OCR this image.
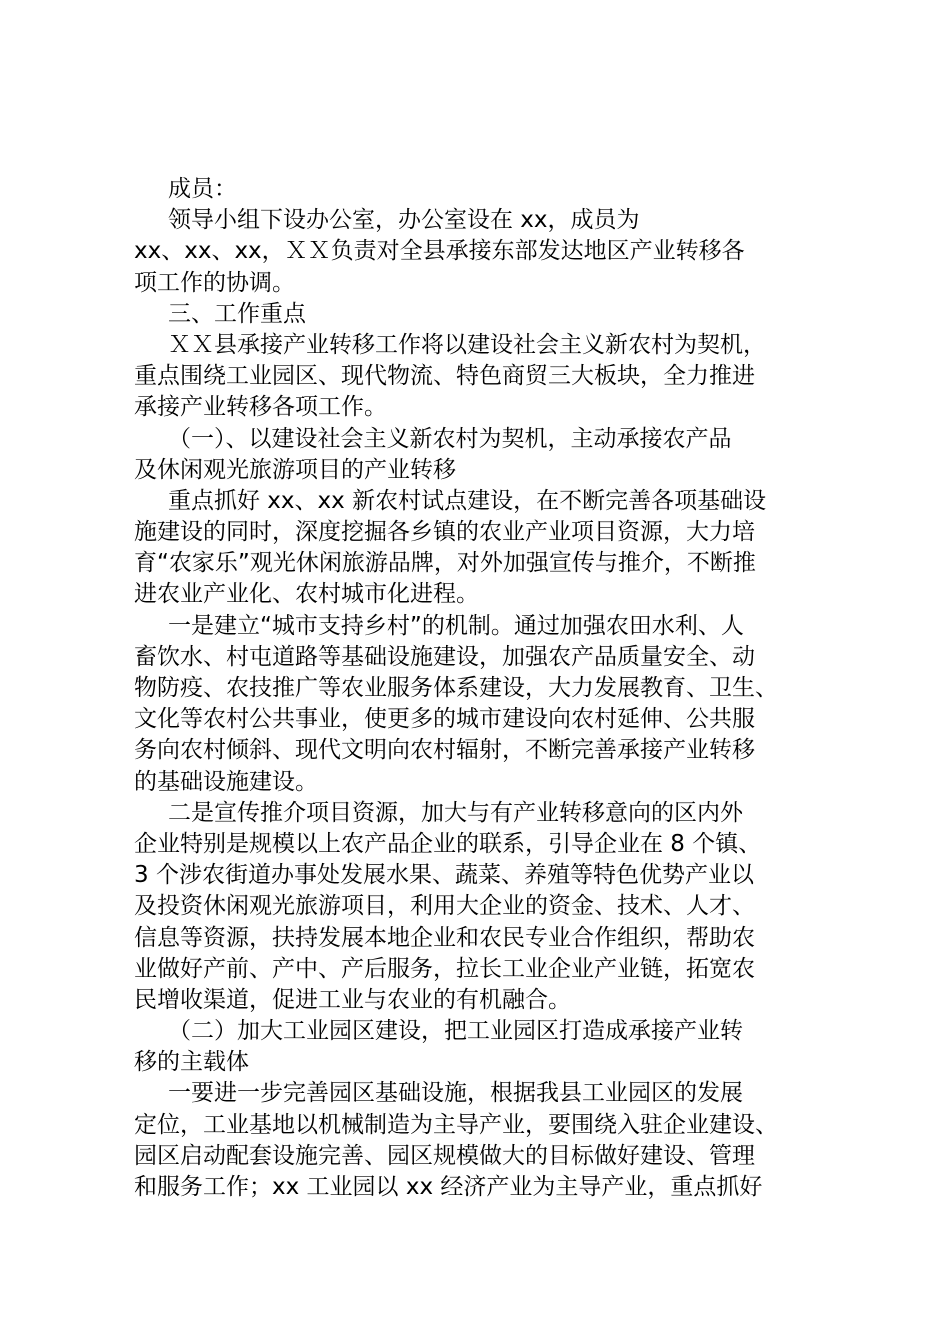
成员：
领导小组下设办公室，办公室设在 xx，成员为
xx、xx、xx，ＸＸ负责对全县承接东部发达地区产业转移各
项工作的协调。
三、工作重点
ＸＸ县承接产业转移工作将以建设社会主义新农村为契机，
重点围绕工业园区、现代物流、特色商贸三大板块，全力推进
承接产业转移各项工作。
（一）、以建设社会主义新农村为契机，主动承接农产品
及休闲观光旅游项目的产业转移
重点抓好 xx、xx 新农村试点建设，在不断完善各项基础设
施建设的同时，深度挖掘各乡镇的农业产业项目资源，大力培
育“农家乐”观光休闲旅游品牌，对外加强宣传与推介，不断推
进农业产业化、农村城市化进程。
一是建立“城市支持乡村”的机制。通过加强农田水利、人
畜饮水、村屯道路等基础设施建设，加强农产品质量安全、动
物防疫、农技推广等农业服务体系建设，大力发展教育、卫生、
文化等农村公共事业，使更多的城市建设向农村延伸、公共服
务向农村倾斜、现代文明向农村辐射，不断完善承接产业转移
的基础设施建设。
二是宣传推介项目资源，加大与有产业转移意向的区内外
企业特别是规模以上农产品企业的联系，引导企业在 8 个镇、
3 个涉农街道办事处发展水果、蔬菜、养殖等特色优势产业以
及投资休闲观光旅游项目，利用大企业的资金、技术、人才、
信息等资源，扶持发展本地企业和农民专业合作组织，帮助农
业做好产前、产中、产后服务，拉长工业企业产业链，拓宽农
民增收渠道，促进工业与农业的有机融合。
（二）加大工业园区建设，把工业园区打造成承接产业转
移的主载体
一要进一步完善园区基础设施，根据我县工业园区的发展
定位，工业基地以机械制造为主导产业，要围绕入驻企业建设、
园区启动配套设施完善、园区规模做大的目标做好建设、管理
和服务工作；xx 工业园以 xx 经济产业为主导产业，重点抓好
